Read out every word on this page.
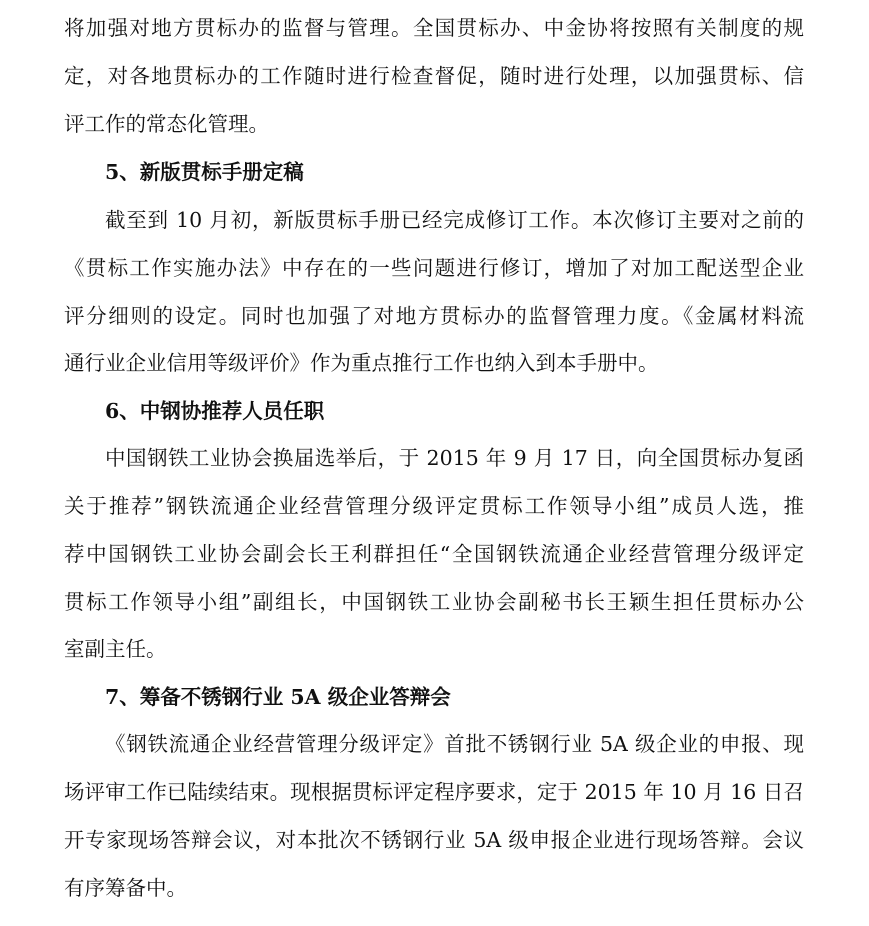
将加强对地方贯标办的监督与管理。全国贯标办、中金协将按照有关制度的规
定，对各地贯标办的工作随时进行检查督促，随时进行处理，以加强贯标、信
评工作的常态化管理。
5、新版贯标手册定稿
截至到 10 月初，新版贯标手册已经完成修订工作。本次修订主要对之前的
《贯标工作实施办法》中存在的一些问题进行修订，增加了对加工配送型企业
评分细则的设定。同时也加强了对地方贯标办的监督管理力度。《金属材料流
通行业企业信用等级评价》作为重点推行工作也纳入到本手册中。
6、中钢协推荐人员任职
中国钢铁工业协会换届选举后，于 2015 年 9 月 17 日，向全国贯标办复函
关于推荐”钢铁流通企业经营管理分级评定贯标工作领导小组”成员人选，推
荐中国钢铁工业协会副会长王利群担任“全国钢铁流通企业经营管理分级评定
贯标工作领导小组”副组长，中国钢铁工业协会副秘书长王颖生担任贯标办公
室副主任。
7、筹备不锈钢行业 5A 级企业答辩会
《钢铁流通企业经营管理分级评定》首批不锈钢行业 5A 级企业的申报、现
场评审工作已陆续结束。现根据贯标评定程序要求，定于 2015 年 10 月 16 日召
开专家现场答辩会议，对本批次不锈钢行业 5A 级申报企业进行现场答辩。会议
有序筹备中。
